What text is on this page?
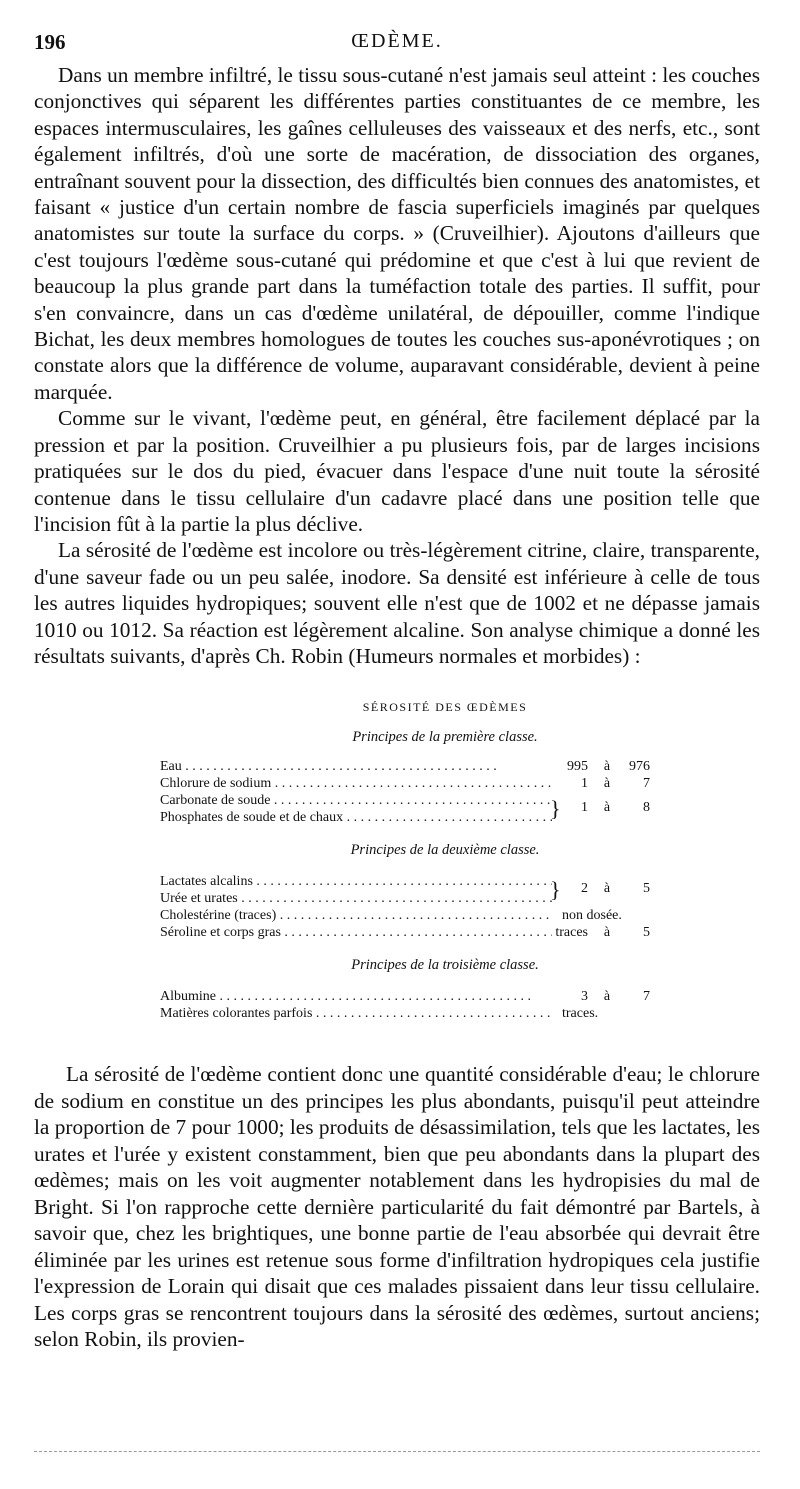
196	ŒDÈME.

Dans un membre infiltré, le tissu sous-cutané n'est jamais seul atteint : les couches conjonctives qui séparent les différentes parties constituantes de ce membre, les espaces intermusculaires, les gaînes celluleuses des vaisseaux et des nerfs, etc., sont également infiltrés, d'où une sorte de macération, de dissociation des organes, entraînant souvent pour la dissection, des difficultés bien connues des anatomistes, et faisant « justice d'un certain nombre de fascia superficiels imaginés par quelques anatomistes sur toute la surface du corps. » (Cruveilhier). Ajoutons d'ailleurs que c'est toujours l'œdème sous-cutané qui prédomine et que c'est à lui que revient de beaucoup la plus grande part dans la tuméfaction totale des parties. Il suffit, pour s'en convaincre, dans un cas d'œdème unilatéral, de dépouiller, comme l'indique Bichat, les deux membres homologues de toutes les couches sus-aponévrotiques ; on constate alors que la différence de volume, auparavant considérable, devient à peine marquée.

Comme sur le vivant, l'œdème peut, en général, être facilement déplacé par la pression et par la position. Cruveilhier a pu plusieurs fois, par de larges incisions pratiquées sur le dos du pied, évacuer dans l'espace d'une nuit toute la sérosité contenue dans le tissu cellulaire d'un cadavre placé dans une position telle que l'incision fût à la partie la plus déclive.

La sérosité de l'œdème est incolore ou très-légèrement citrine, claire, transparente, d'une saveur fade ou un peu salée, inodore. Sa densité est inférieure à celle de tous les autres liquides hydropiques; souvent elle n'est que de 1002 et ne dépasse jamais 1010 ou 1012. Sa réaction est légèrement alcaline. Son analyse chimique a donné les résultats suivants, d'après Ch. Robin (Humeurs normales et morbides) :

SÉROSITÉ DES ŒDÈMES
Principes de la première classe.
Eau . . .	995	à	976
Chlorure de sodium . . .	1	à	7
Carbonate de soude . . .
Phosphates de soude et de chaux . . .	}	1	à	8
Principes de la deuxième classe.
Lactates alcalins . . .
Urée et urates . . .	}	2	à	5
Cholestérine (traces) . . .	non dosée.
Séroline et corps gras . . .	traces	à	5
Principes de la troisième classe.
Albumine . . .	3	à	7
Matières colorantes parfois . . .	traces.

La sérosité de l'œdème contient donc une quantité considérable d'eau; le chlorure de sodium en constitue un des principes les plus abondants, puisqu'il peut atteindre la proportion de 7 pour 1000; les produits de désassimilation, tels que les lactates, les urates et l'urée y existent constamment, bien que peu abondants dans la plupart des œdèmes; mais on les voit augmenter notablement dans les hydropisies du mal de Bright. Si l'on rapproche cette dernière particularité du fait démontré par Bartels, à savoir que, chez les brightiques, une bonne partie de l'eau absorbée qui devrait être éliminée par les urines est retenue sous forme d'infiltration hydropiques cela justifie l'expression de Lorain qui disait que ces malades pissaient dans leur tissu cellulaire. Les corps gras se rencontrent toujours dans la sérosité des œdèmes, surtout anciens; selon Robin, ils provien-
